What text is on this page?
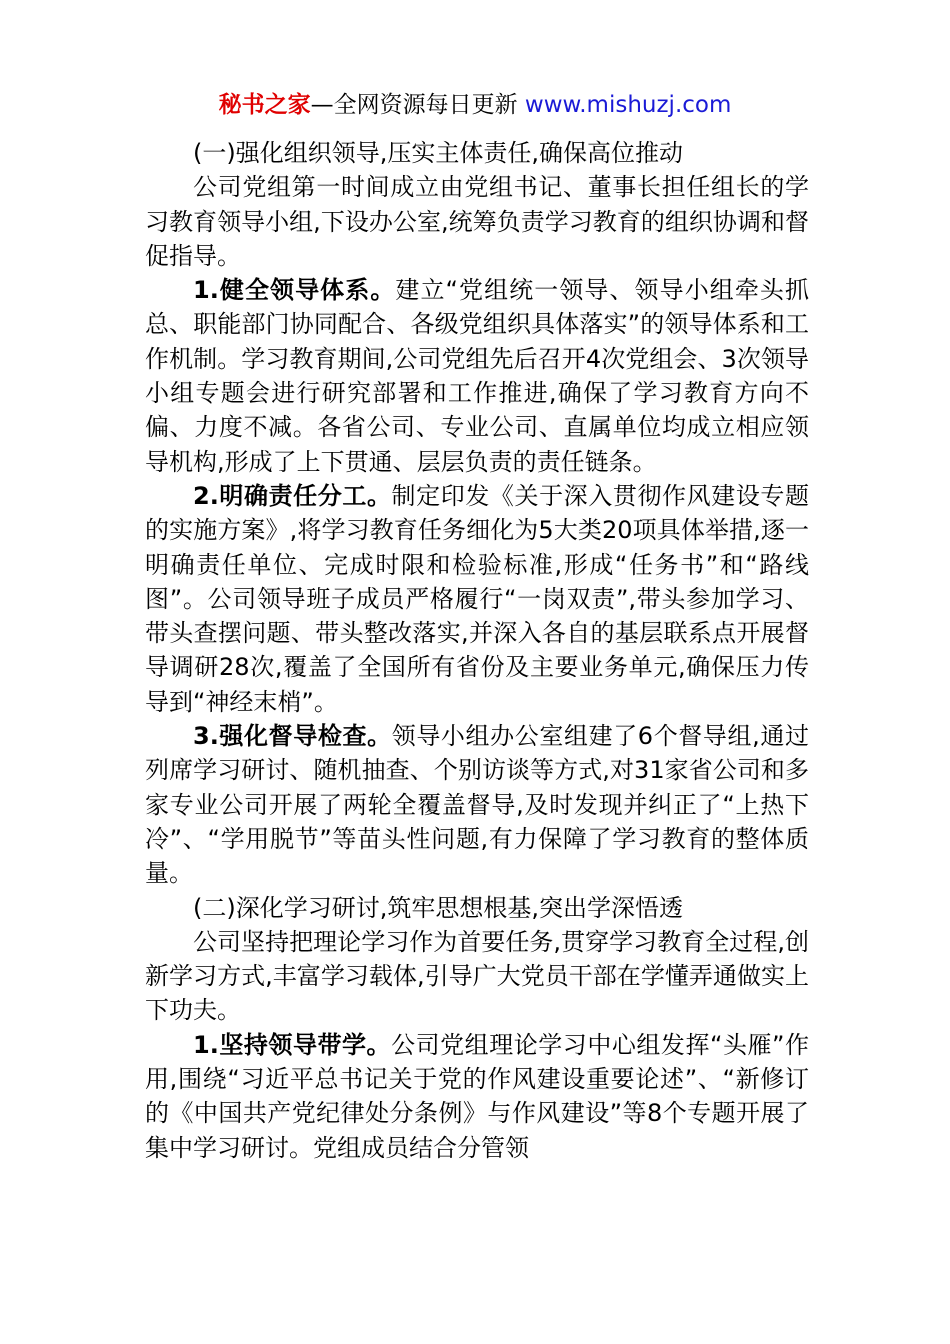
秘书之家—全网资源每日更新 www.mishuzj.com

(一)强化组织领导,压实主体责任,确保高位推动

公司党组第一时间成立由党组书记、董事长担任组长的学习教育领导小组,下设办公室,统筹负责学习教育的组织协调和督促指导。

1.健全领导体系。建立“党组统一领导、领导小组牵头抓总、职能部门协同配合、各级党组织具体落实”的领导体系和工作机制。学习教育期间,公司党组先后召开4次党组会、3次领导小组专题会进行研究部署和工作推进,确保了学习教育方向不偏、力度不减。各省公司、专业公司、直属单位均成立相应领导机构,形成了上下贯通、层层负责的责任链条。

2.明确责任分工。制定印发《关于深入贯彻作风建设专题的实施方案》,将学习教育任务细化为5大类20项具体举措,逐一明确责任单位、完成时限和检验标准,形成“任务书”和“路线图”。公司领导班子成员严格履行“一岗双责”,带头参加学习、带头查摆问题、带头整改落实,并深入各自的基层联系点开展督导调研28次,覆盖了全国所有省份及主要业务单元,确保压力传导到“神经末梢”。

3.强化督导检查。领导小组办公室组建了6个督导组,通过列席学习研讨、随机抽查、个别访谈等方式,对31家省公司和多家专业公司开展了两轮全覆盖督导,及时发现并纠正了“上热下冷”、“学用脱节”等苗头性问题,有力保障了学习教育的整体质量。

(二)深化学习研讨,筑牢思想根基,突出学深悟透

公司坚持把理论学习作为首要任务,贯穿学习教育全过程,创新学习方式,丰富学习载体,引导广大党员干部在学懂弄通做实上下功夫。

1.坚持领导带学。公司党组理论学习中心组发挥“头雁”作用,围绕“习近平总书记关于党的作风建设重要论述”、“新修订的《中国共产党纪律处分条例》与作风建设”等8个专题开展了集中学习研讨。党组成员结合分管领
